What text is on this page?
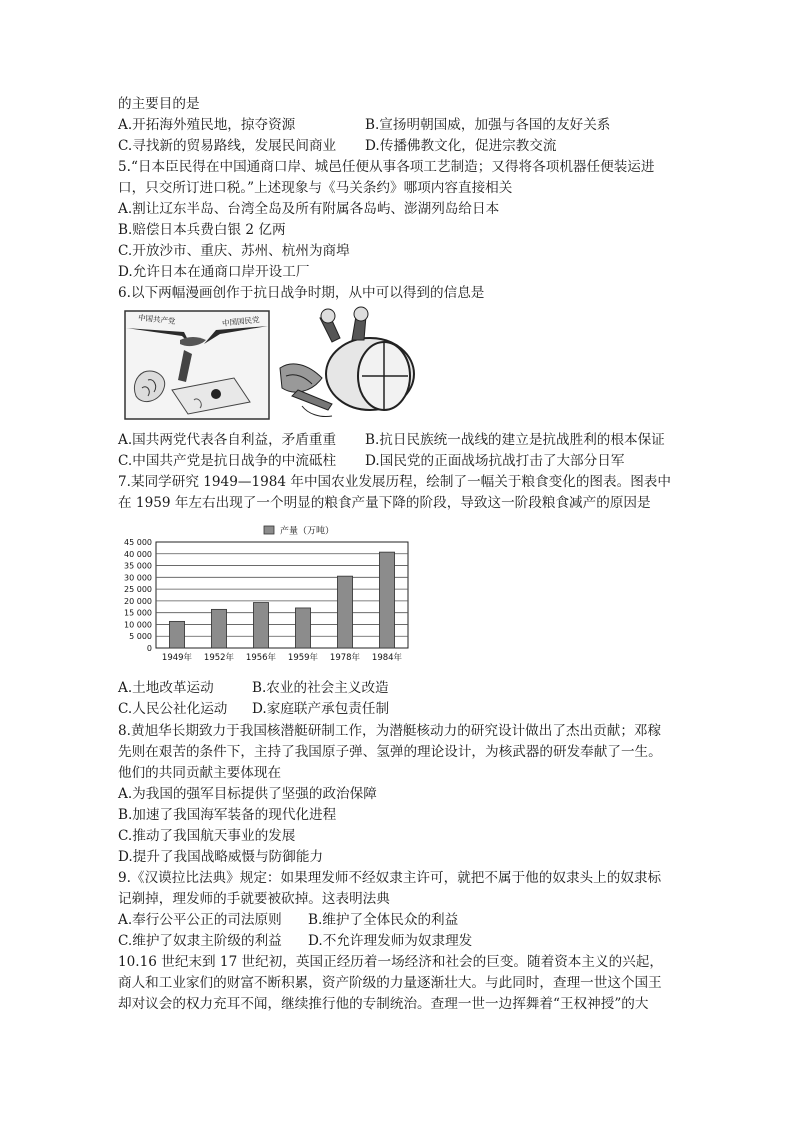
的主要目的是
A.开拓海外殖民地，掠夺资源	B.宣扬明朝国威，加强与各国的友好关系
C.寻找新的贸易路线，发展民间商业 D.传播佛教文化，促进宗教交流
5.“日本臣民得在中国通商口岸、城邑任便从事各项工艺制造；又得将各项机器任便装运进
口，只交所订进口税。”上述现象与《马关条约》哪项内容直接相关
A.割让辽东半岛、台湾全岛及所有附属各岛屿、澎湖列岛给日本
B.赔偿日本兵费白银 2 亿两
C.开放沙市、重庆、苏州、杭州为商埠
D.允许日本在通商口岸开设工厂
6.以下两幅漫画创作于抗日战争时期，从中可以得到的信息是
中国共产党	中国国民党
A.国共两党代表各自利益，矛盾重重 B.抗日民族统一战线的建立是抗战胜利的根本保证
C.中国共产党是抗日战争的中流砥柱 D.国民党的正面战场抗战打击了大部分日军
7.某同学研究 1949—1984 年中国农业发展历程，绘制了一幅关于粮食变化的图表。图表中
在 1959 年左右出现了一个明显的粮食产量下降的阶段，导致这一阶段粮食减产的原因是
0
5 000
10 000
15 000
20 000
25 000
30 000
35 000
40 000
45 000
1949年 1952年 1956年 1959年 1978年 1984年
产量（万吨）
A.土地改革运动	B.农业的社会主义改造
C.人民公社化运动 D.家庭联产承包责任制
8.黄旭华长期致力于我国核潜艇研制工作，为潜艇核动力的研究设计做出了杰出贡献；邓稼
先则在艰苦的条件下，主持了我国原子弹、氢弹的理论设计，为核武器的研发奉献了一生。
他们的共同贡献主要体现在
A.为我国的强军目标提供了坚强的政治保障
B.加速了我国海军装备的现代化进程
C.推动了我国航天事业的发展
D.提升了我国战略威慑与防御能力
9.《汉谟拉比法典》规定：如果理发师不经奴隶主许可，就把不属于他的奴隶头上的奴隶标
记剃掉，理发师的手就要被砍掉。这表明法典
A.奉行公平公正的司法原则 B.维护了全体民众的利益
C.维护了奴隶主阶级的利益 D.不允许理发师为奴隶理发
10.16 世纪末到 17 世纪初，英国正经历着一场经济和社会的巨变。随着资本主义的兴起，
商人和工业家们的财富不断积累，资产阶级的力量逐渐壮大。与此同时，查理一世这个国王
却对议会的权力充耳不闻，继续推行他的专制统治。查理一世一边挥舞着“王权神授”的大
